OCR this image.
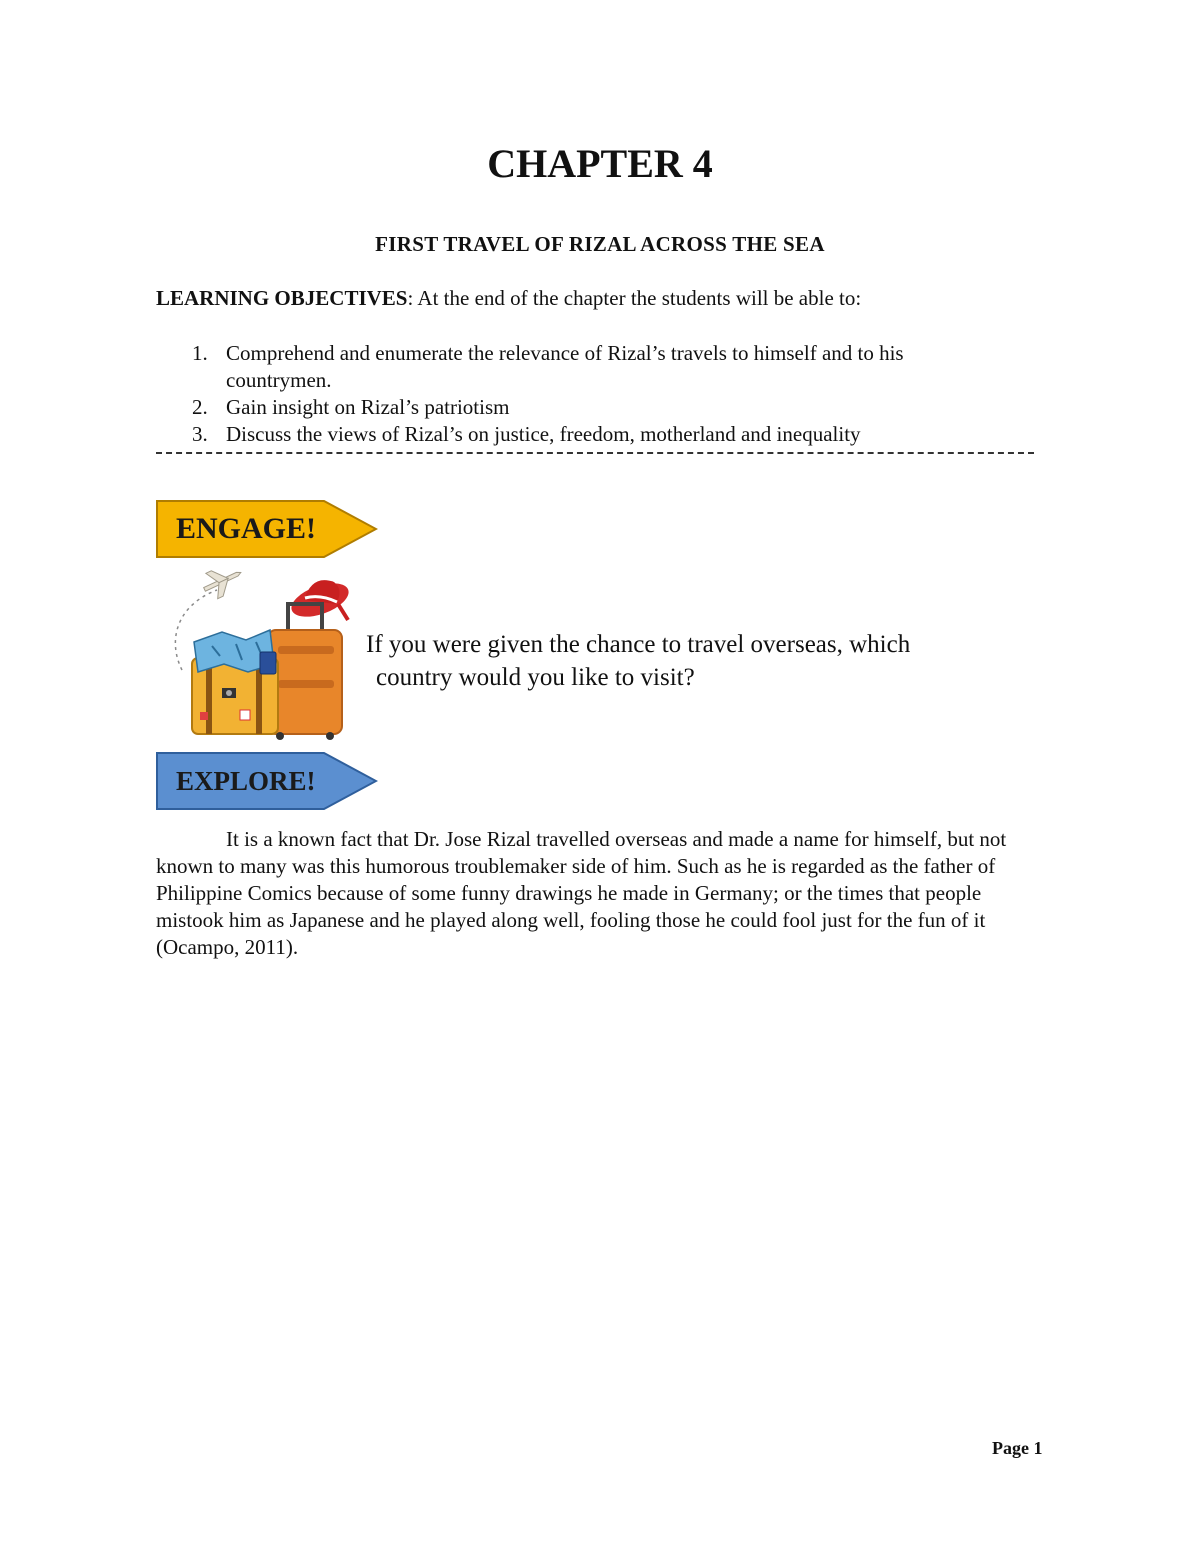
CHAPTER 4
FIRST TRAVEL OF RIZAL ACROSS THE SEA
LEARNING OBJECTIVES: At the end of the chapter the students will be able to:
1. Comprehend and enumerate the relevance of Rizal’s travels to himself and to his countrymen.
2. Gain insight on Rizal’s patriotism
3. Discuss the views of Rizal’s on justice, freedom, motherland and inequality
ENGAGE!
If you were given the chance to travel overseas, which
country would you like to visit?
EXPLORE!

It is a known fact that Dr. Jose Rizal travelled overseas and made a name for himself, but not known to many was this humorous troublemaker side of him. Such as he is regarded as the father of Philippine Comics because of some funny drawings he made in Germany; or the times that people mistook him as Japanese and he played along well, fooling those he could fool just for the fun of it (Ocampo, 2011).

Page 1
